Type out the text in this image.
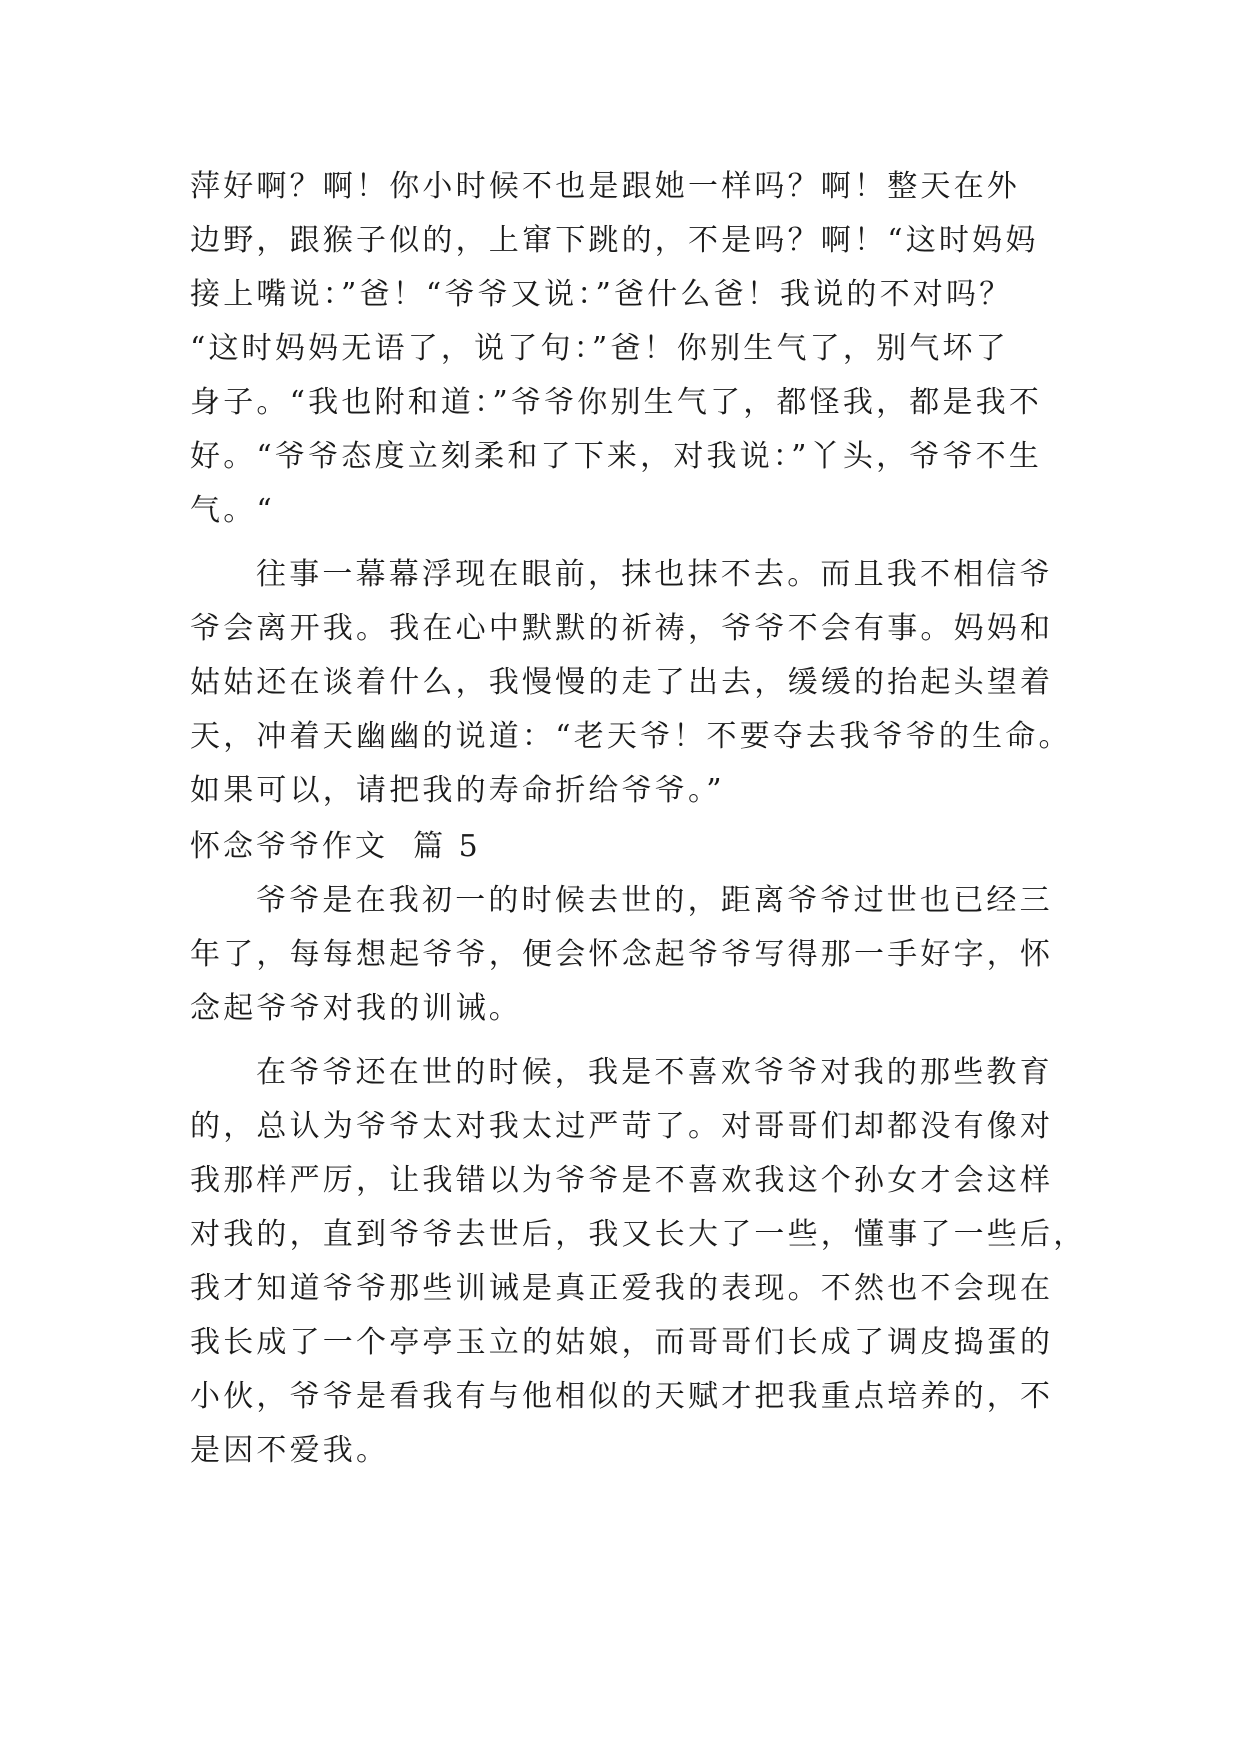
萍好啊？啊！你小时候不也是跟她一样吗？啊！整天在外
边野，跟猴子似的，上窜下跳的，不是吗？啊！“这时妈妈
接上嘴说：”爸！“爷爷又说：”爸什么爸！我说的不对吗？
“这时妈妈无语了，说了句：”爸！你别生气了，别气坏了
身子。“我也附和道：”爷爷你别生气了，都怪我，都是我不
好。“爷爷态度立刻柔和了下来，对我说：”丫头，爷爷不生
气。“
往事一幕幕浮现在眼前，抹也抹不去。而且我不相信爷
爷会离开我。我在心中默默的祈祷，爷爷不会有事。妈妈和
姑姑还在谈着什么，我慢慢的走了出去，缓缓的抬起头望着
天，冲着天幽幽的说道：“老天爷！不要夺去我爷爷的生命。
如果可以，请把我的寿命折给爷爷。”
怀念爷爷作文  篇 5
爷爷是在我初一的时候去世的，距离爷爷过世也已经三
年了，每每想起爷爷，便会怀念起爷爷写得那一手好字，怀
念起爷爷对我的训诫。
在爷爷还在世的时候，我是不喜欢爷爷对我的那些教育
的，总认为爷爷太对我太过严苛了。对哥哥们却都没有像对
我那样严厉，让我错以为爷爷是不喜欢我这个孙女才会这样
对我的，直到爷爷去世后，我又长大了一些，懂事了一些后，
我才知道爷爷那些训诫是真正爱我的表现。不然也不会现在
我长成了一个亭亭玉立的姑娘，而哥哥们长成了调皮捣蛋的
小伙，爷爷是看我有与他相似的天赋才把我重点培养的，不
是因不爱我。
